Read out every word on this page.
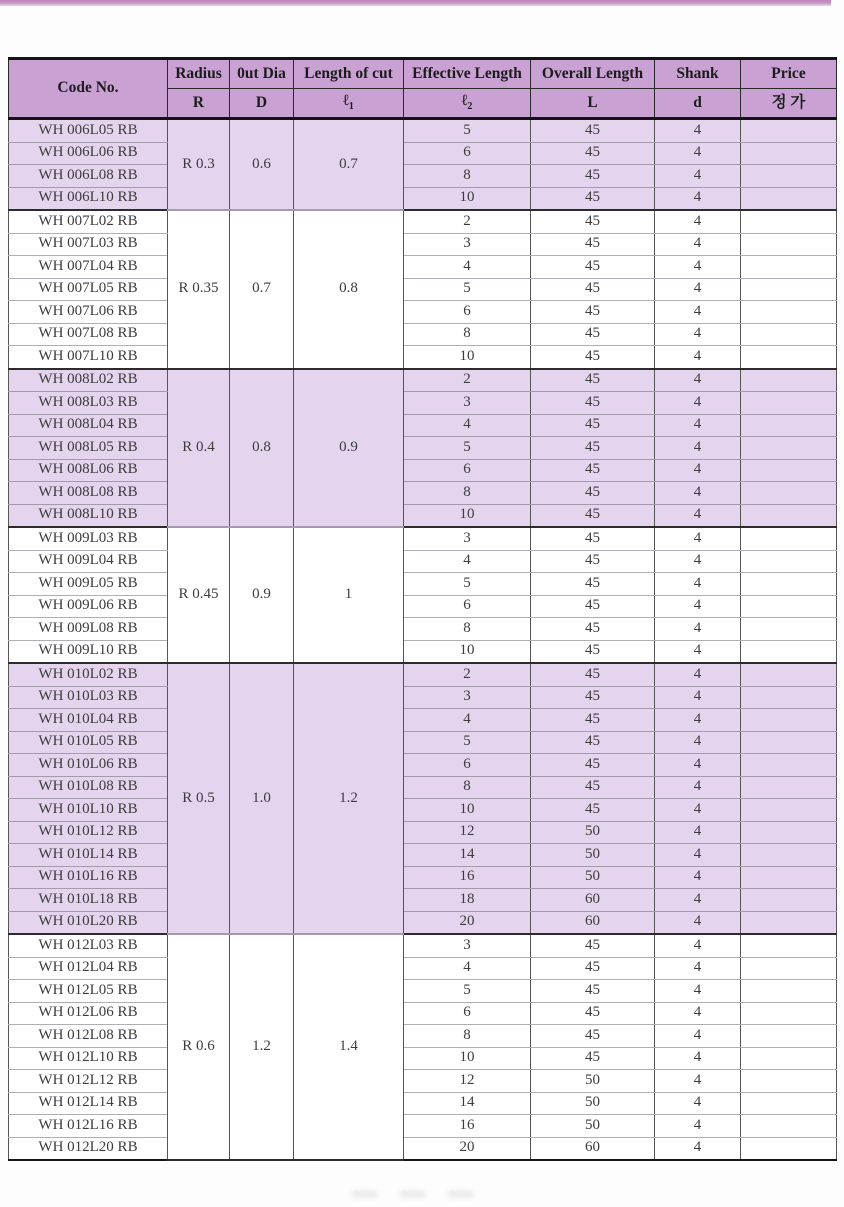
Code No.	Radius	0ut Dia	Length of cut	Effective Length	Overall Length	Shank	Price
	R	D	ℓ$_1$	ℓ$_2$	L	d	정 가
WH 006L05 RB	R 0.3	0.6	0.7	5	45	4	
WH 006L06 RB				6	45	4	
WH 006L08 RB				8	45	4	
WH 006L10 RB				10	45	4	
WH 007L02 RB	R 0.35	0.7	0.8	2	45	4	
WH 007L03 RB				3	45	4	
WH 007L04 RB				4	45	4	
WH 007L05 RB				5	45	4	
WH 007L06 RB				6	45	4	
WH 007L08 RB				8	45	4	
WH 007L10 RB				10	45	4	
WH 008L02 RB	R 0.4	0.8	0.9	2	45	4	
WH 008L03 RB				3	45	4	
WH 008L04 RB				4	45	4	
WH 008L05 RB				5	45	4	
WH 008L06 RB				6	45	4	
WH 008L08 RB				8	45	4	
WH 008L10 RB				10	45	4	
WH 009L03 RB	R 0.45	0.9	1	3	45	4	
WH 009L04 RB				4	45	4	
WH 009L05 RB				5	45	4	
WH 009L06 RB				6	45	4	
WH 009L08 RB				8	45	4	
WH 009L10 RB				10	45	4	
WH 010L02 RB	R 0.5	1.0	1.2	2	45	4	
WH 010L03 RB				3	45	4	
WH 010L04 RB				4	45	4	
WH 010L05 RB				5	45	4	
WH 010L06 RB				6	45	4	
WH 010L08 RB				8	45	4	
WH 010L10 RB				10	45	4	
WH 010L12 RB				12	50	4	
WH 010L14 RB				14	50	4	
WH 010L16 RB				16	50	4	
WH 010L18 RB				18	60	4	
WH 010L20 RB				20	60	4	
WH 012L03 RB	R 0.6	1.2	1.4	3	45	4	
WH 012L04 RB				4	45	4	
WH 012L05 RB				5	45	4	
WH 012L06 RB				6	45	4	
WH 012L08 RB				8	45	4	
WH 012L10 RB				10	45	4	
WH 012L12 RB				12	50	4	
WH 012L14 RB				14	50	4	
WH 012L16 RB				16	50	4	
WH 012L20 RB				20	60	4	
